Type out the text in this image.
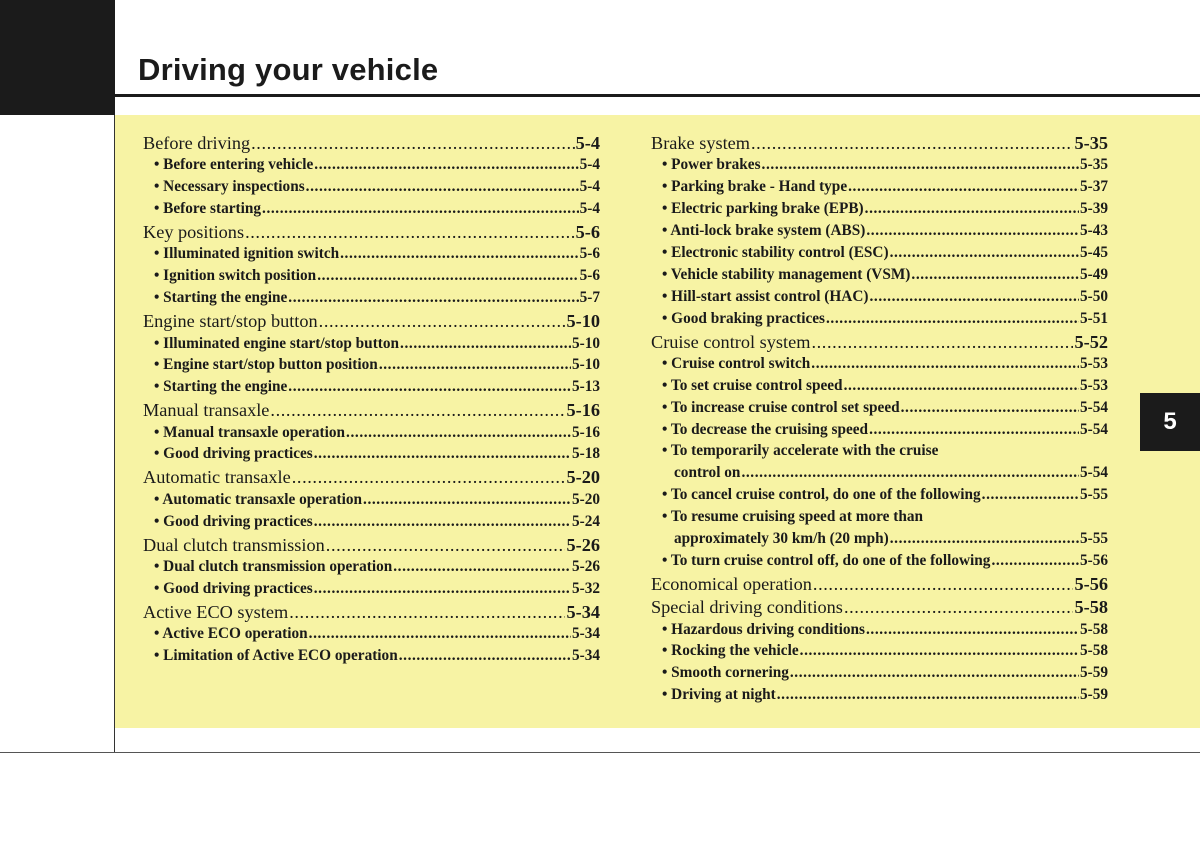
Driving your vehicle
5
Before driving .....	5-4
• Before entering vehicle .....	5-4
• Necessary inspections .....	5-4
• Before starting .....	5-4
Key positions .....	5-6
• Illuminated ignition switch .....	5-6
• Ignition switch position .....	5-6
• Starting the engine .....	5-7
Engine start/stop button .....	5-10
• Illuminated engine start/stop button .....	5-10
• Engine start/stop button position .....	5-10
• Starting the engine .....	5-13
Manual transaxle .....	5-16
• Manual transaxle operation .....	5-16
• Good driving practices .....	5-18
Automatic transaxle .....	5-20
• Automatic transaxle operation .....	5-20
• Good driving practices .....	5-24
Dual clutch transmission .....	5-26
• Dual clutch transmission operation .....	5-26
• Good driving practices .....	5-32
Active ECO system .....	5-34
• Active ECO operation .....	5-34
• Limitation of Active ECO operation .....	5-34
Brake system .....	5-35
• Power brakes .....	5-35
• Parking brake - Hand type .....	5-37
• Electric parking brake (EPB) .....	5-39
• Anti-lock brake system (ABS) .....	5-43
• Electronic stability control (ESC) .....	5-45
• Vehicle stability management (VSM) .....	5-49
• Hill-start assist control (HAC) .....	5-50
• Good braking practices .....	5-51
Cruise control system .....	5-52
• Cruise control switch .....	5-53
• To set cruise control speed .....	5-53
• To increase cruise control set speed .....	5-54
• To decrease the cruising speed .....	5-54
• To temporarily accelerate with the cruise
control on .....	5-54
• To cancel cruise control, do one of the following .....	5-55
• To resume cruising speed at more than
approximately 30 km/h (20 mph) .....	5-55
• To turn cruise control off, do one of the following .....	5-56
Economical operation .....	5-56
Special driving conditions .....	5-58
• Hazardous driving conditions .....	5-58
• Rocking the vehicle .....	5-58
• Smooth cornering .....	5-59
• Driving at night .....	5-59
